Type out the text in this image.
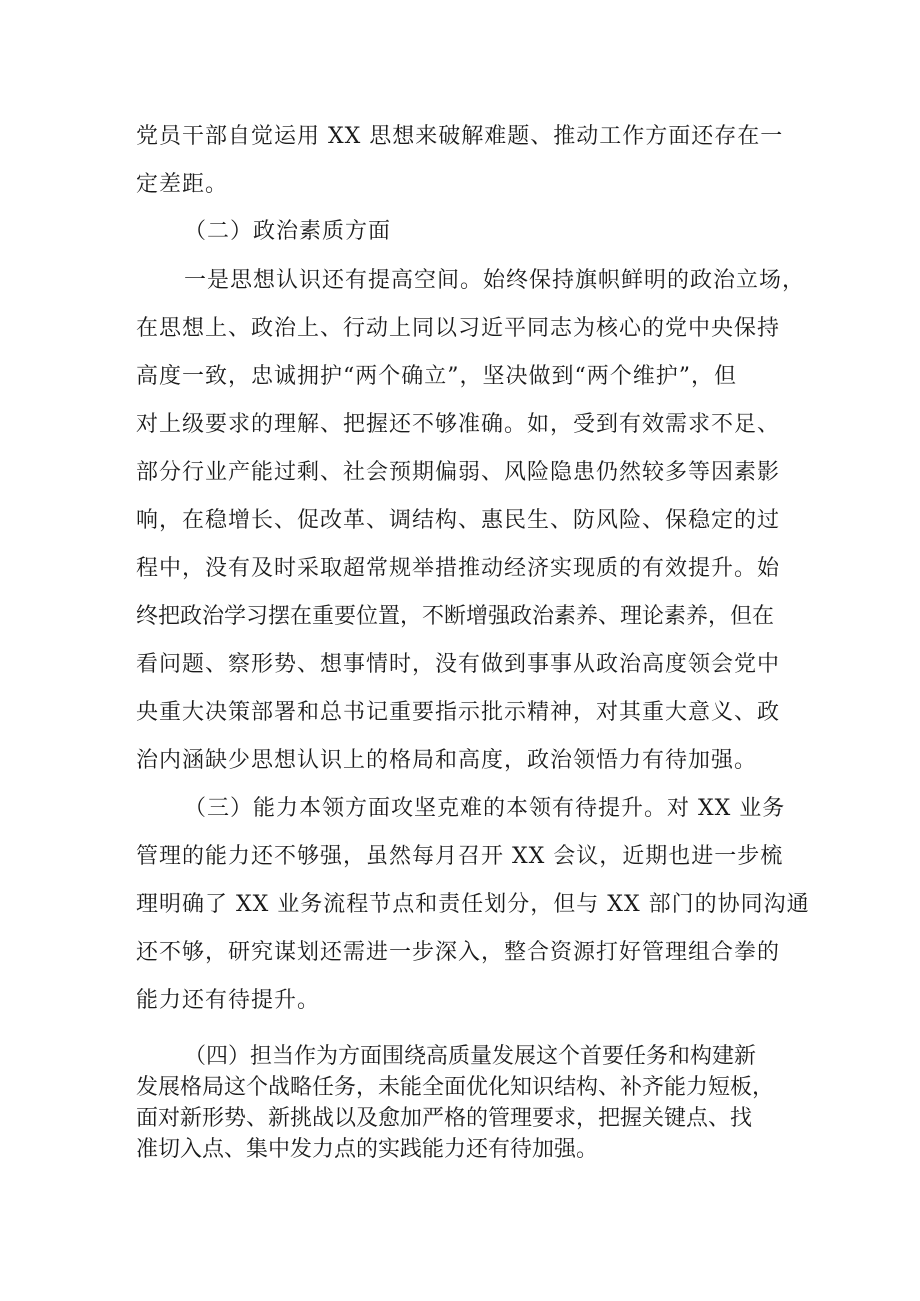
党员干部自觉运用 XX 思想来破解难题、推动工作方面还存在一
定差距。
（二）政治素质方面
一是思想认识还有提高空间。始终保持旗帜鲜明的政治立场，
在思想上、政治上、行动上同以习近平同志为核心的党中央保持
高度一致，忠诚拥护“两个确立”，坚决做到“两个维护”，但
对上级要求的理解、把握还不够准确。如，受到有效需求不足、
部分行业产能过剩、社会预期偏弱、风险隐患仍然较多等因素影
响，在稳增长、促改革、调结构、惠民生、防风险、保稳定的过
程中，没有及时采取超常规举措推动经济实现质的有效提升。始
终把政治学习摆在重要位置，不断增强政治素养、理论素养，但在
看问题、察形势、想事情时，没有做到事事从政治高度领会党中
央重大决策部署和总书记重要指示批示精神，对其重大意义、政
治内涵缺少思想认识上的格局和高度，政治领悟力有待加强。
（三）能力本领方面攻坚克难的本领有待提升。对 XX 业务
管理的能力还不够强，虽然每月召开 XX 会议，近期也进一步梳
理明确了 XX 业务流程节点和责任划分，但与 XX 部门的协同沟通
还不够，研究谋划还需进一步深入，整合资源打好管理组合拳的
能力还有待提升。
（四）担当作为方面围绕高质量发展这个首要任务和构建新
发展格局这个战略任务，未能全面优化知识结构、补齐能力短板，
面对新形势、新挑战以及愈加严格的管理要求，把握关键点、找
准切入点、集中发力点的实践能力还有待加强。
